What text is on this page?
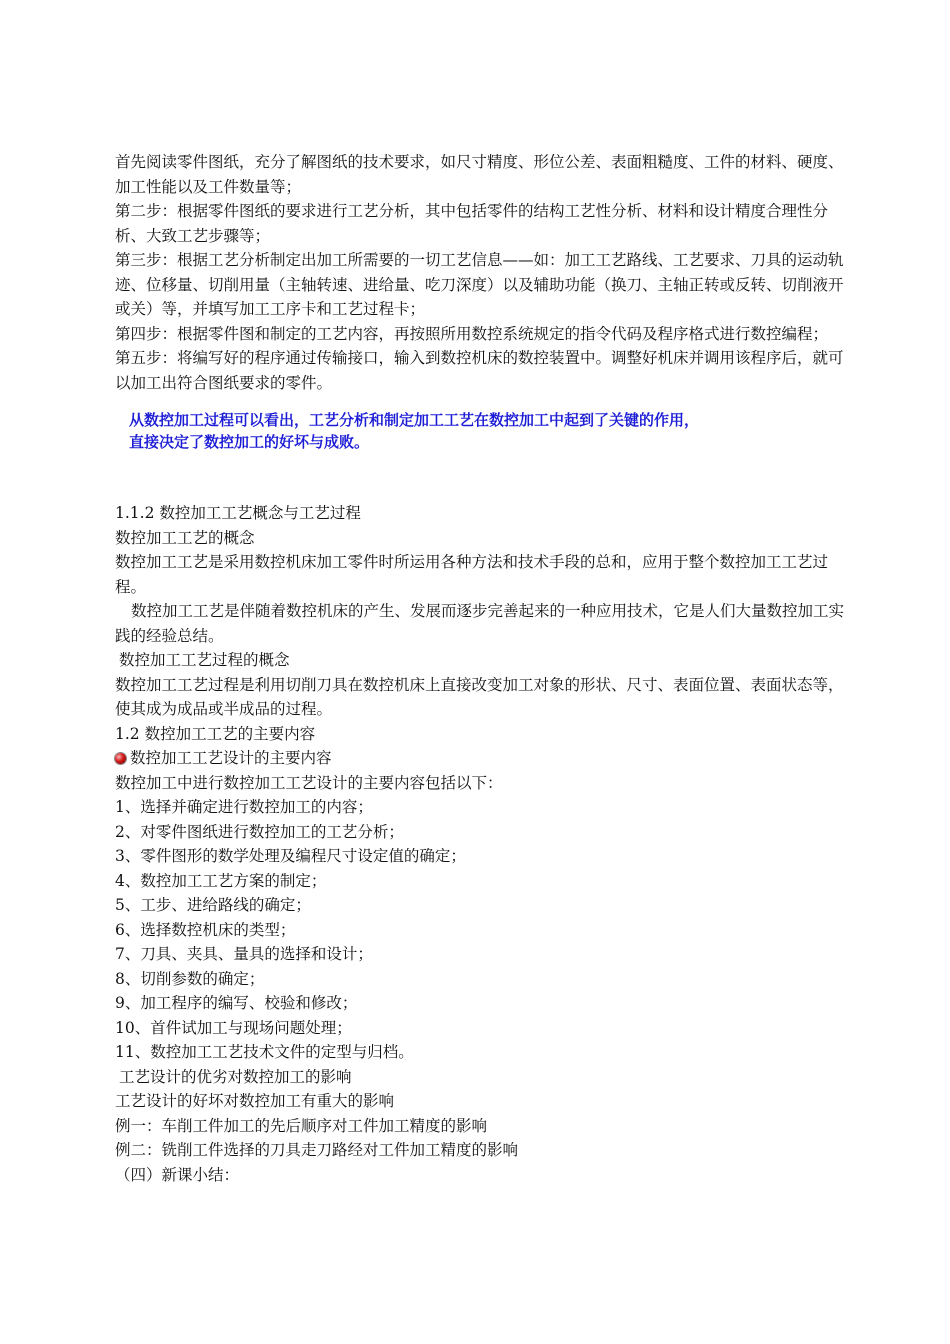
首先阅读零件图纸，充分了解图纸的技术要求，如尺寸精度、形位公差、表面粗糙度、工件的材料、硬度、加工性能以及工件数量等；

第二步：根据零件图纸的要求进行工艺分析，其中包括零件的结构工艺性分析、材料和设计精度合理性分析、大致工艺步骤等；

第三步：根据工艺分析制定出加工所需要的一切工艺信息——如：加工工艺路线、工艺要求、刀具的运动轨迹、位移量、切削用量（主轴转速、进给量、吃刀深度）以及辅助功能（换刀、主轴正转或反转、切削液开或关）等，并填写加工工序卡和工艺过程卡；

第四步：根据零件图和制定的工艺内容，再按照所用数控系统规定的指令代码及程序格式进行数控编程；

第五步：将编写好的程序通过传输接口，输入到数控机床的数控装置中。调整好机床并调用该程序后，就可以加工出符合图纸要求的零件。

从数控加工过程可以看出，工艺分析和制定加工工艺在数控加工中起到了关键的作用，直接决定了数控加工的好坏与成败。

1.1.2 数控加工工艺概念与工艺过程

数控加工工艺的概念

数控加工工艺是采用数控机床加工零件时所运用各种方法和技术手段的总和，应用于整个数控加工工艺过程。

数控加工工艺是伴随着数控机床的产生、发展而逐步完善起来的一种应用技术，它是人们大量数控加工实践的经验总结。

数控加工工艺过程的概念

数控加工工艺过程是利用切削刀具在数控机床上直接改变加工对象的形状、尺寸、表面位置、表面状态等，使其成为成品或半成品的过程。

1.2 数控加工工艺的主要内容

数控加工工艺设计的主要内容

数控加工中进行数控加工工艺设计的主要内容包括以下：

1、选择并确定进行数控加工的内容；

2、对零件图纸进行数控加工的工艺分析；

3、零件图形的数学处理及编程尺寸设定值的确定；

4、数控加工工艺方案的制定；

5、工步、进给路线的确定；

6、选择数控机床的类型；

7、刀具、夹具、量具的选择和设计；

8、切削参数的确定；

9、加工程序的编写、校验和修改；

10、首件试加工与现场问题处理；

11、数控加工工艺技术文件的定型与归档。

工艺设计的优劣对数控加工的影响

工艺设计的好坏对数控加工有重大的影响

例一：车削工件加工的先后顺序对工件加工精度的影响

例二：铣削工件选择的刀具走刀路经对工件加工精度的影响

（四）新课小结：
